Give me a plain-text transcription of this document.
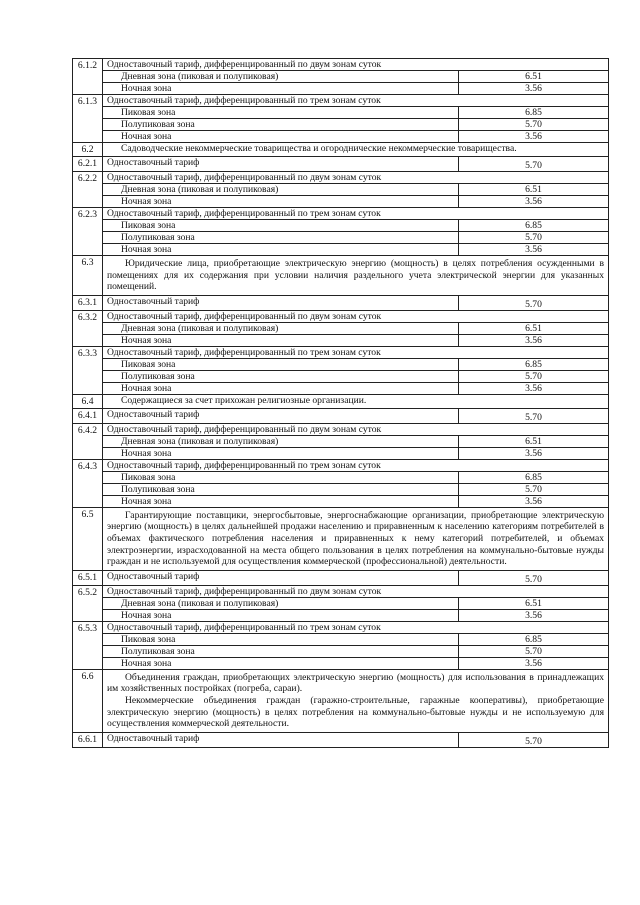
6.1.2	Одноставочный тариф, дифференцированный по двум зонам суток	
	Дневная зона (пиковая и полупиковая)	6.51
	Ночная зона	3.56
6.1.3	Одноставочный тариф, дифференцированный по трем зонам суток	
	Пиковая зона	6.85
	Полупиковая зона	5.70
	Ночная зона	3.56
6.2	Садоводческие некоммерческие товарищества и огороднические некоммерческие товарищества.	
6.2.1	Одноставочный тариф	5.70
6.2.2	Одноставочный тариф, дифференцированный по двум зонам суток	
	Дневная зона (пиковая и полупиковая)	6.51
	Ночная зона	3.56
6.2.3	Одноставочный тариф, дифференцированный по трем зонам суток	
	Пиковая зона	6.85
	Полупиковая зона	5.70
	Ночная зона	3.56
6.3	Юридические лица, приобретающие электрическую энергию (мощность) в целях потребления осужденными в помещениях для их содержания при условии наличия раздельного учета электрической энергии для указанных помещений.	

6.3.1	Одноставочный тариф	5.70
6.3.2	Одноставочный тариф, дифференцированный по двум зонам суток	
	Дневная зона (пиковая и полупиковая)	6.51
	Ночная зона	3.56
6.3.3	Одноставочный тариф, дифференцированный по трем зонам суток	
	Пиковая зона	6.85
	Полупиковая зона	5.70
	Ночная зона	3.56
6.4	Содержащиеся за счет прихожан религиозные организации.	
6.4.1	Одноставочный тариф	5.70
6.4.2	Одноставочный тариф, дифференцированный по двум зонам суток	
	Дневная зона (пиковая и полупиковая)	6.51
	Ночная зона	3.56
6.4.3	Одноставочный тариф, дифференцированный по трем зонам суток	
	Пиковая зона	6.85
	Полупиковая зона	5.70
	Ночная зона	3.56
6.5	Гарантирующие поставщики, энергосбытовые, энергоснабжающие организации, приобретающие электрическую энергию (мощность) в целях дальнейшей продажи населению и приравненным к населению категориям потребителей в объемах фактического потребления населения и приравненных к нему категорий потребителей, и объемах электроэнергии, израсходованной на места общего пользования в целях потребления на коммунально-бытовые нужды граждан и не используемой для осуществления коммерческой (профессиональной) деятельности.	

6.5.1	Одноставочный тариф	5.70
6.5.2	Одноставочный тариф, дифференцированный по двум зонам суток	
	Дневная зона (пиковая и полупиковая)	6.51
	Ночная зона	3.56
6.5.3	Одноставочный тариф, дифференцированный по трем зонам суток	
	Пиковая зона	6.85
	Полупиковая зона	5.70
	Ночная зона	3.56
6.6	Объединения граждан, приобретающих электрическую энергию (мощность) для использования в принадлежащих им хозяйственных постройках (погреба, сараи).

Некоммерческие объединения граждан (гаражно-строительные, гаражные кооперативы), приобретающие электрическую энергию (мощность) в целях потребления на коммунально-бытовые нужды и не используемую для осуществления коммерческой деятельности.	

6.6.1	Одноставочный тариф	5.70
